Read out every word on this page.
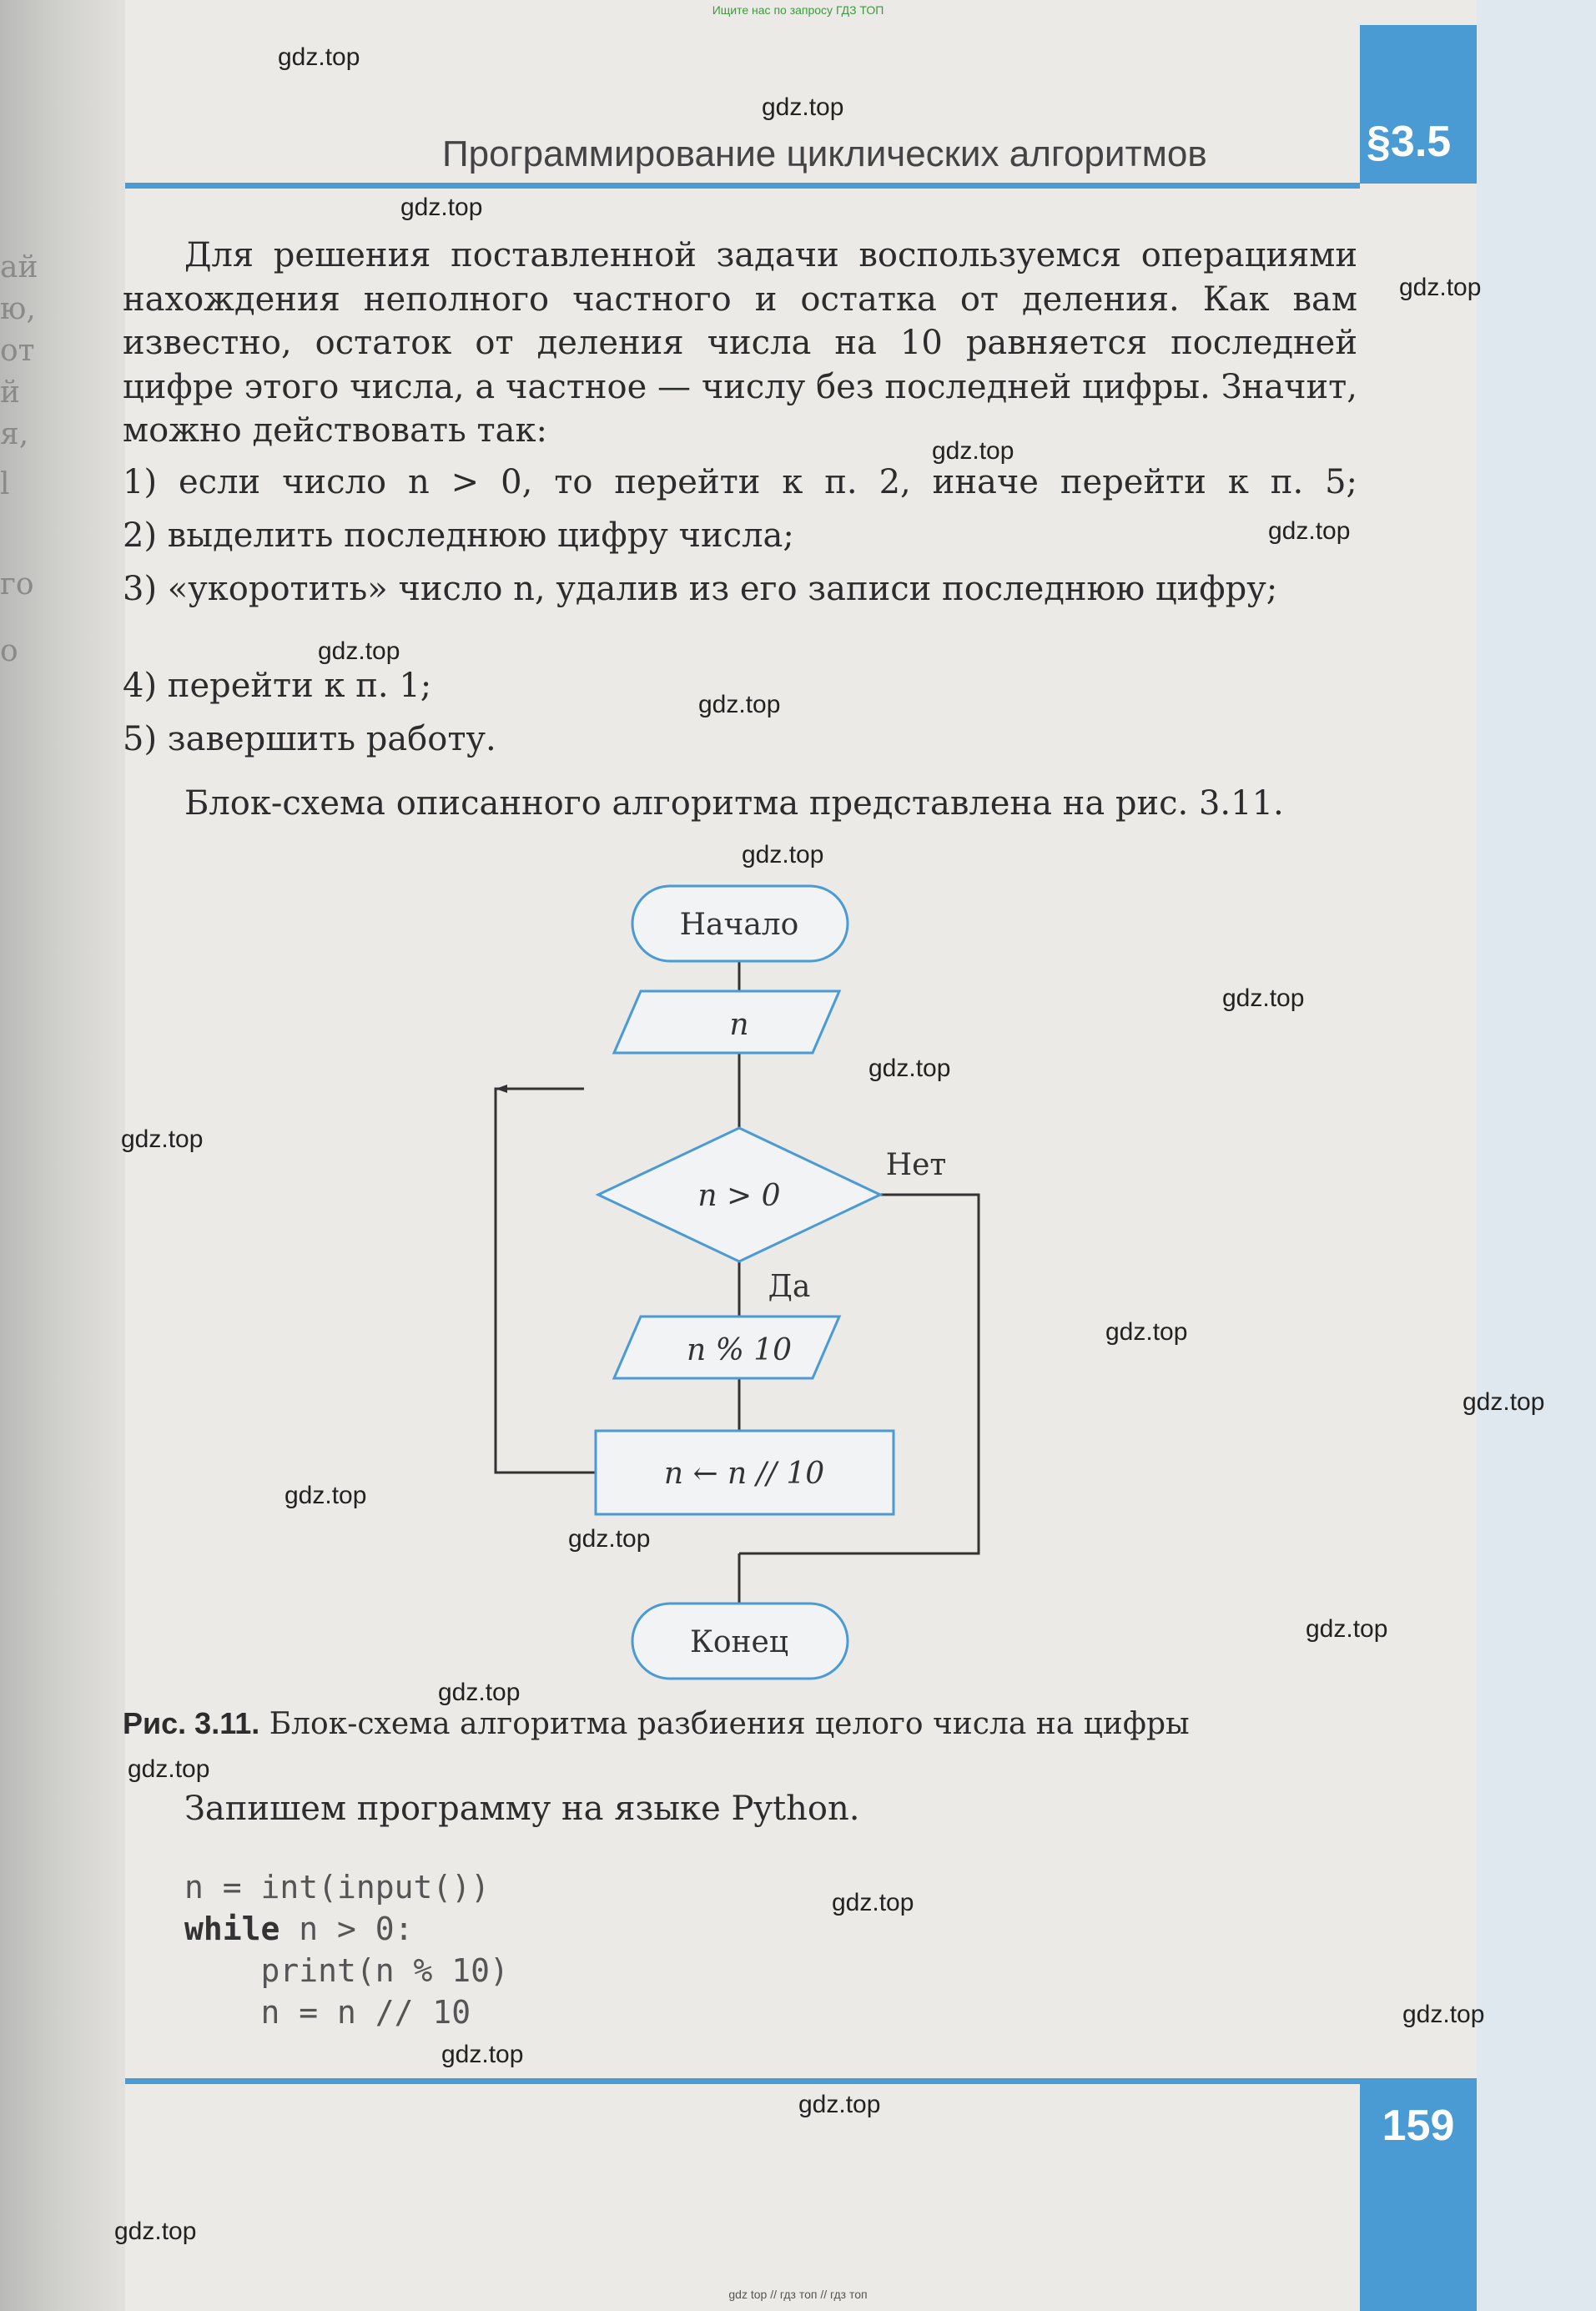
ай
ю,
от
й
я,
l
го
о
Ищите нас по запросу ГДЗ ТОП
§3.5
Программирование циклических алгоритмов
Для решения поставленной задачи воспользуемся операциями нахождения неполного частного и остатка от деления. Как вам известно, остаток от деления числа на 10 равняется последней цифре этого числа, а частное — числу без последней цифры. Значит, можно действовать так:
1) если число n > 0, то перейти к п. 2, иначе перейти к п. 5;
2) выделить последнюю цифру числа;
3) «укоротить» число n, удалив из его записи последнюю цифру;
4) перейти к п. 1;
5) завершить работу.
Блок-схема описанного алгоритма представлена на рис. 3.11.
Начало
n
n > 0
Да
Нет
n % 10
n ← n // 10
Конец
Рис. 3.11. Блок-схема алгоритма разбиения целого числа на цифры
Запишем программу на языке Python.
n = int(input())
while n > 0:
print(n % 10)
n = n // 10
159
gdz.top
gdz.top
gdz.top
gdz.top
gdz.top
gdz.top
gdz.top
gdz.top
gdz.top
gdz.top
gdz.top
gdz.top
gdz.top
gdz.top
gdz.top
gdz.top
gdz.top
gdz.top
gdz.top
gdz.top
gdz.top
gdz.top
gdz.top
gdz.top
gdz top // гдз топ // гдз топ
